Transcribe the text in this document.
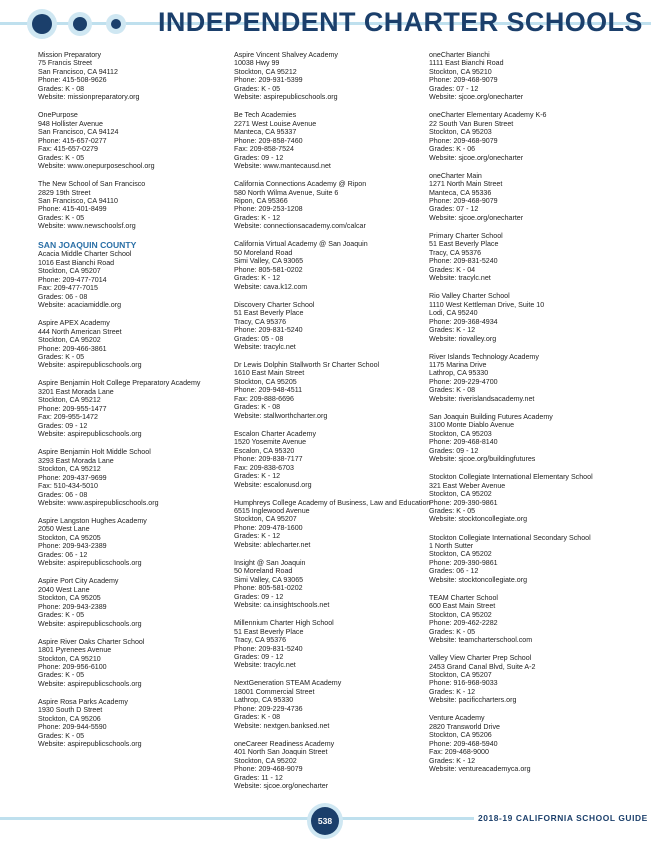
INDEPENDENT CHARTER SCHOOLS
Mission Preparatory
75 Francis Street
San Francisco, CA 94112
Phone: 415-508-9626
Grades: K - 08
Website: missionpreparatory.org
OnePurpose
948 Hollister Avenue
San Francisco, CA 94124
Phone: 415-657-0277
Fax: 415-657-0279
Grades: K - 05
Website: www.onepurposeschool.org
The New School of San Francisco
2829 19th Street
San Francisco, CA 94110
Phone: 415-401-8499
Grades: K - 05
Website: www.newschoolsf.org
SAN JOAQUIN COUNTY
Acacia Middle Charter School
1016 East Bianchi Road
Stockton, CA 95207
Phone: 209-477-7014
Fax: 209-477-7015
Grades: 06 - 08
Website: acaciamiddle.org
Aspire APEX Academy
444 North American Street
Stockton, CA 95202
Phone: 209-466-3861
Grades: K - 05
Website: aspirepublicschools.org
Aspire Benjamin Holt College Preparatory Academy
3201 East Morada Lane
Stockton, CA 95212
Phone: 209-955-1477
Fax: 209-955-1472
Grades: 09 - 12
Website: aspirepublicschools.org
Aspire Benjamin Holt Middle School
3293 East Morada Lane
Stockton, CA 95212
Phone: 209-437-9699
Fax: 510-434-5010
Grades: 06 - 08
Website: www.aspirepublicschools.org
Aspire Langston Hughes Academy
2050 West Lane
Stockton, CA 95205
Phone: 209-943-2389
Grades: 06 - 12
Website: aspirepublicschools.org
Aspire Port City Academy
2040 West Lane
Stockton, CA 95205
Phone: 209-943-2389
Grades: K - 05
Website: aspirepublicschools.org
Aspire River Oaks Charter School
1801 Pyrenees Avenue
Stockton, CA 95210
Phone: 209-956-6100
Grades: K - 05
Website: aspirepublicschools.org
Aspire Rosa Parks Academy
1930 South D Street
Stockton, CA 95206
Phone: 209-944-5590
Grades: K - 05
Website: aspirepublicschools.org
Aspire Vincent Shalvey Academy
10038 Hwy 99
Stockton, CA 95212
Phone: 209-931-5399
Grades: K - 05
Website: aspirepublicschools.org
Be Tech Academies
2271 West Louise Avenue
Manteca, CA 95337
Phone: 209-858-7460
Fax: 209-858-7524
Grades: 09 - 12
Website: www.mantecausd.net
California Connections Academy @ Ripon
580 North Wilma Avenue, Suite 6
Ripon, CA 95366
Phone: 209-253-1208
Grades: K - 12
Website: connectionsacademy.com/calcar
California Virtual Academy @ San Joaquin
50 Moreland Road
Simi Valley, CA 93065
Phone: 805-581-0202
Grades: K - 12
Website: cava.k12.com
Discovery Charter School
51 East Beverly Place
Tracy, CA 95376
Phone: 209-831-5240
Grades: 05 - 08
Website: tracylc.net
Dr Lewis Dolphin Stallworth Sr Charter School
1610 East Main Street
Stockton, CA 95205
Phone: 209-948-4511
Fax: 209-888-6696
Grades: K - 08
Website: stallworthcharter.org
Escalon Charter Academy
1520 Yosemite Avenue
Escalon, CA 95320
Phone: 209-838-7177
Fax: 209-838-6703
Grades: K - 12
Website: escalonusd.org
Humphreys College Academy of Business, Law and Education
6515 Inglewood Avenue
Stockton, CA 95207
Phone: 209-478-1600
Grades: K - 12
Website: ablecharter.net
Insight @ San Joaquin
50 Moreland Road
Simi Valley, CA 93065
Phone: 805-581-0202
Grades: 09 - 12
Website: ca.insightschools.net
Millennium Charter High School
51 East Beverly Place
Tracy, CA 95376
Phone: 209-831-5240
Grades: 09 - 12
Website: tracylc.net
NextGeneration STEAM Academy
18001 Commercial Street
Lathrop, CA 95330
Phone: 209-229-4736
Grades: K - 08
Website: nextgen.banksed.net
oneCareer Readiness Academy
401 North San Joaquin Street
Stockton, CA 95202
Phone: 209-468-9079
Grades: 11 - 12
Website: sjcoe.org/onecharter
oneCharter Bianchi
1111 East Bianchi Road
Stockton, CA 95210
Phone: 209-468-9079
Grades: 07 - 12
Website: sjcoe.org/onecharter
oneCharter Elementary Academy K-6
22 South Van Buren Street
Stockton, CA 95203
Phone: 209-468-9079
Grades: K - 06
Website: sjcoe.org/onecharter
oneCharter Main
1271 North Main Street
Manteca, CA 95336
Phone: 209-468-9079
Grades: 07 - 12
Website: sjcoe.org/onecharter
Primary Charter School
51 East Beverly Place
Tracy, CA 95376
Phone: 209-831-5240
Grades: K - 04
Website: tracylc.net
Rio Valley Charter School
1110 West Kettleman Drive, Suite 10
Lodi, CA 95240
Phone: 209-368-4934
Grades: K - 12
Website: riovalley.org
River Islands Technology Academy
1175 Marina Drive
Lathrop, CA 95330
Phone: 209-229-4700
Grades: K - 08
Website: riverislandsacademy.net
San Joaquin Building Futures Academy
3100 Monte Diablo Avenue
Stockton, CA 95203
Phone: 209-468-8140
Grades: 09 - 12
Website: sjcoe.org/buildingfutures
Stockton Collegiate International Elementary School
321 East Weber Avenue
Stockton, CA 95202
Phone: 209-390-9861
Grades: K - 05
Website: stocktoncollegiate.org
Stockton Collegiate International Secondary School
1 North Sutter
Stockton, CA 95202
Phone: 209-390-9861
Grades: 06 - 12
Website: stocktoncollegiate.org
TEAM Charter School
600 East Main Street
Stockton, CA 95202
Phone: 209-462-2282
Grades: K - 05
Website: teamcharterschool.com
Valley View Charter Prep School
2453 Grand Canal Blvd, Suite A-2
Stockton, CA 95207
Phone: 916-968-9033
Grades: K - 12
Website: pacificcharters.org
Venture Academy
2820 Transworld Drive
Stockton, CA 95206
Phone: 209-468-5940
Fax: 209-468-9000
Grades: K - 12
Website: ventureacademyca.org
538	2018-19 CALIFORNIA SCHOOL GUIDE
